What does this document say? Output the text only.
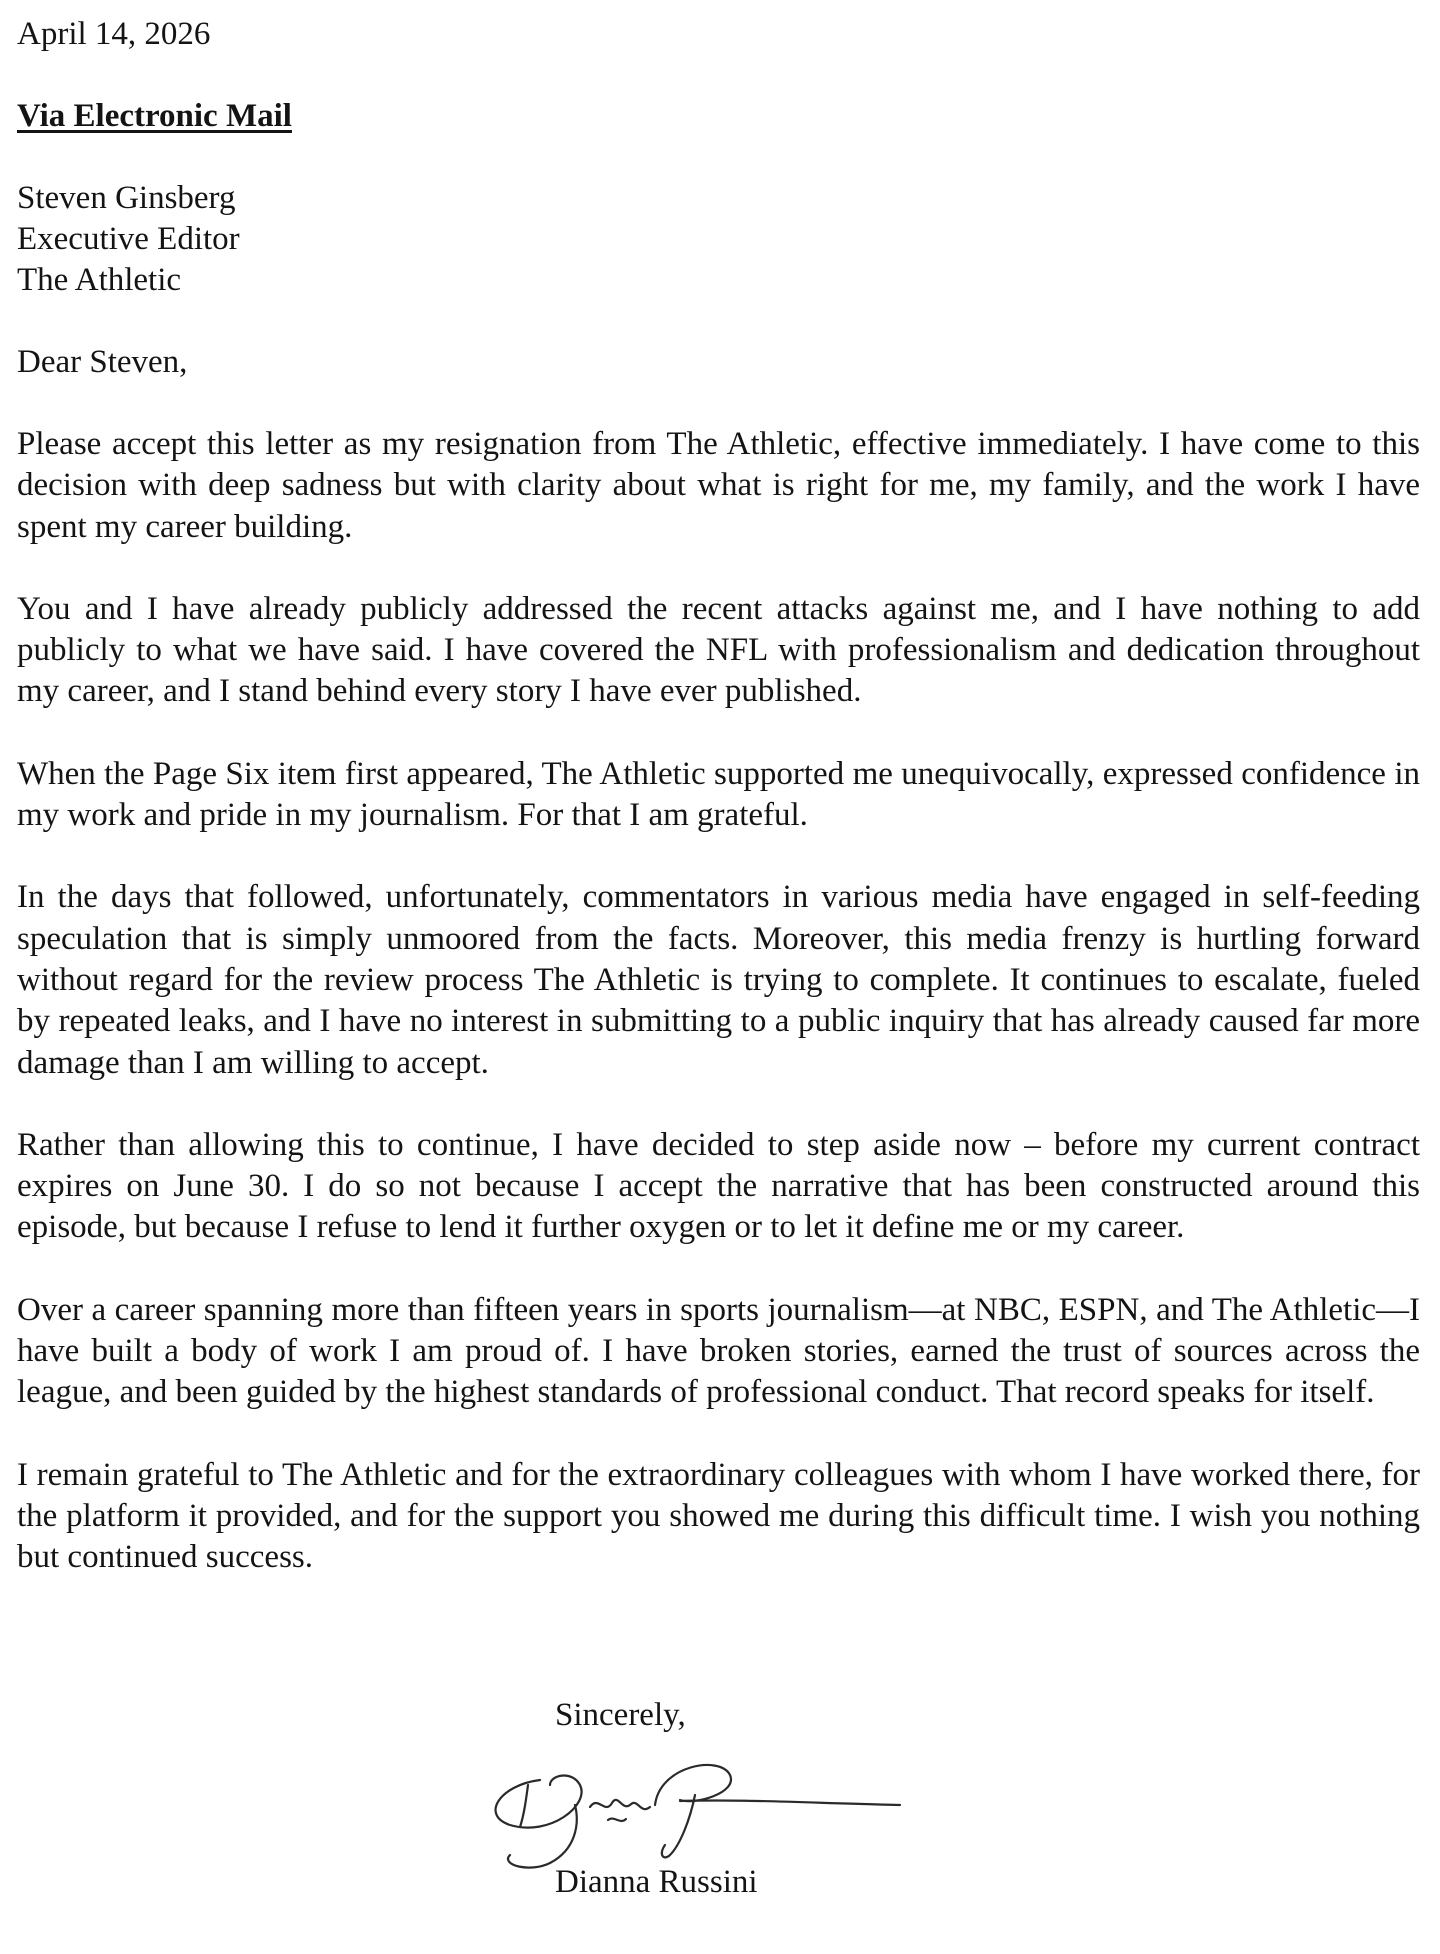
April 14, 2026

Via Electronic Mail

Steven Ginsberg

Executive Editor

The Athletic

Dear Steven,

Please accept this letter as my resignation from The Athletic, effective immediately. I have come to this decision with deep sadness but with clarity about what is right for me, my family, and the work I have spent my career building.

You and I have already publicly addressed the recent attacks against me, and I have nothing to add publicly to what we have said. I have covered the NFL with professionalism and dedication throughout my career, and I stand behind every story I have ever published.

When the Page Six item first appeared, The Athletic supported me unequivocally, expressed confidence in my work and pride in my journalism. For that I am grateful.

In the days that followed, unfortunately, commentators in various media have engaged in self-feeding speculation that is simply unmoored from the facts. Moreover, this media frenzy is hurtling forward without regard for the review process The Athletic is trying to complete. It continues to escalate, fueled by repeated leaks, and I have no interest in submitting to a public inquiry that has already caused far more damage than I am willing to accept.

Rather than allowing this to continue, I have decided to step aside now – before my current contract expires on June 30. I do so not because I accept the narrative that has been constructed around this episode, but because I refuse to lend it further oxygen or to let it define me or my career.

Over a career spanning more than fifteen years in sports journalism—at NBC, ESPN, and The Athletic—I have built a body of work I am proud of. I have broken stories, earned the trust of sources across the league, and been guided by the highest standards of professional conduct. That record speaks for itself.

I remain grateful to The Athletic and for the extraordinary colleagues with whom I have worked there, for the platform it provided, and for the support you showed me during this difficult time. I wish you nothing but continued success.

Sincerely,

Dianna Russini
